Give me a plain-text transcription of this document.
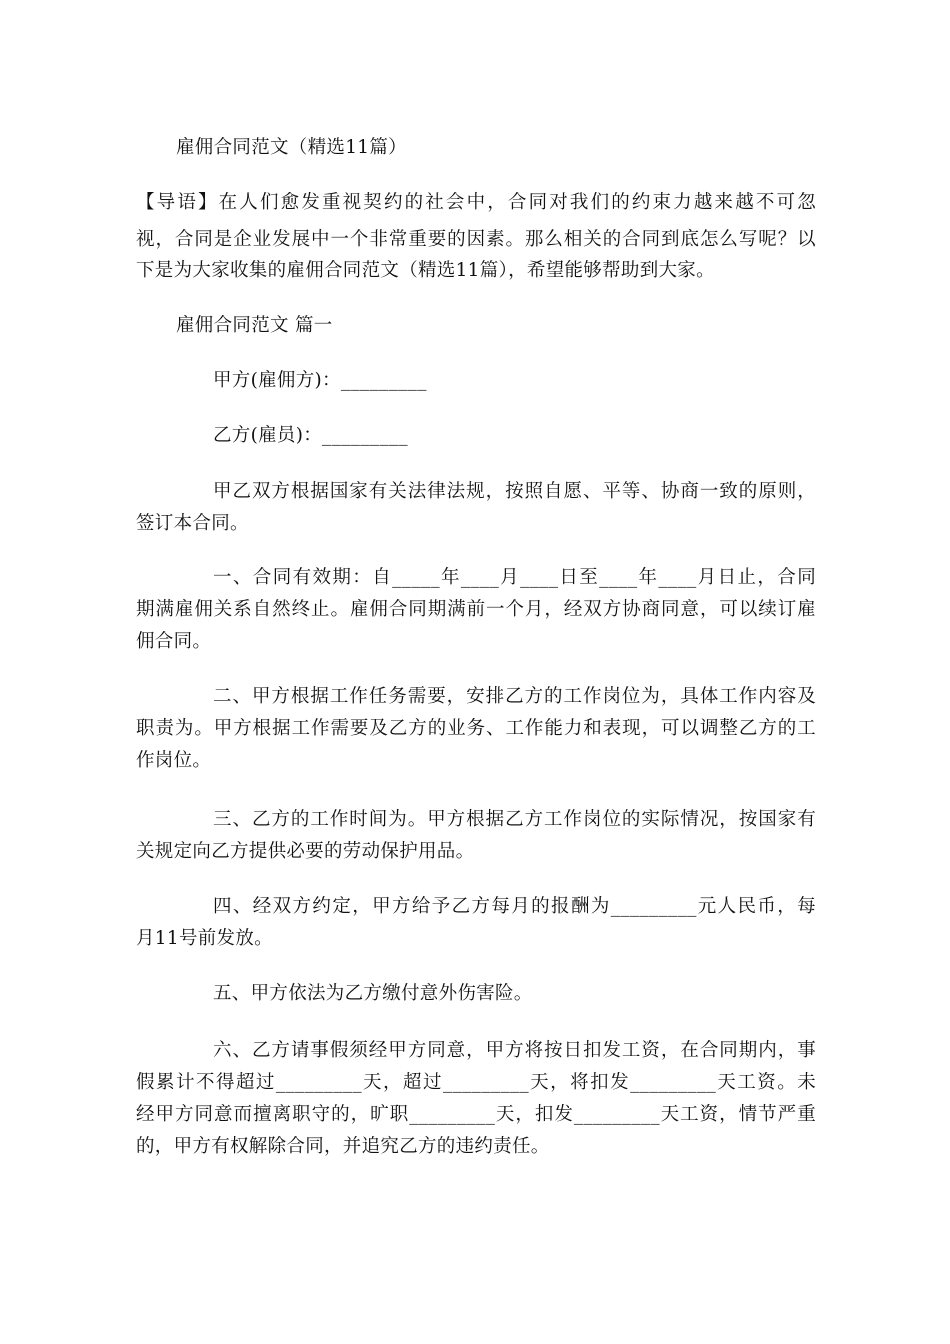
雇佣合同范文（精选11篇）
【导语】在人们愈发重视契约的社会中，合同对我们的约束力越来越不可忽
视，合同是企业发展中一个非常重要的因素。那么相关的合同到底怎么写呢？以
下是为大家收集的雇佣合同范文（精选11篇），希望能够帮助到大家。
雇佣合同范文 篇一
甲方(雇佣方)：_________
乙方(雇员)：_________
甲乙双方根据国家有关法律法规，按照自愿、平等、协商一致的原则，
签订本合同。
一、合同有效期：自_____年____月____日至____年____月日止，合同
期满雇佣关系自然终止。雇佣合同期满前一个月，经双方协商同意，可以续订雇
佣合同。
二、甲方根据工作任务需要，安排乙方的工作岗位为，具体工作内容及
职责为。甲方根据工作需要及乙方的业务、工作能力和表现，可以调整乙方的工
作岗位。
三、乙方的工作时间为。甲方根据乙方工作岗位的实际情况，按国家有
关规定向乙方提供必要的劳动保护用品。
四、经双方约定，甲方给予乙方每月的报酬为_________元人民币，每
月11号前发放。
五、甲方依法为乙方缴付意外伤害险。
六、乙方请事假须经甲方同意，甲方将按日扣发工资，在合同期内，事
假累计不得超过_________天，超过_________天，将扣发_________天工资。未
经甲方同意而擅离职守的，旷职_________天，扣发_________天工资，情节严重
的，甲方有权解除合同，并追究乙方的违约责任。
